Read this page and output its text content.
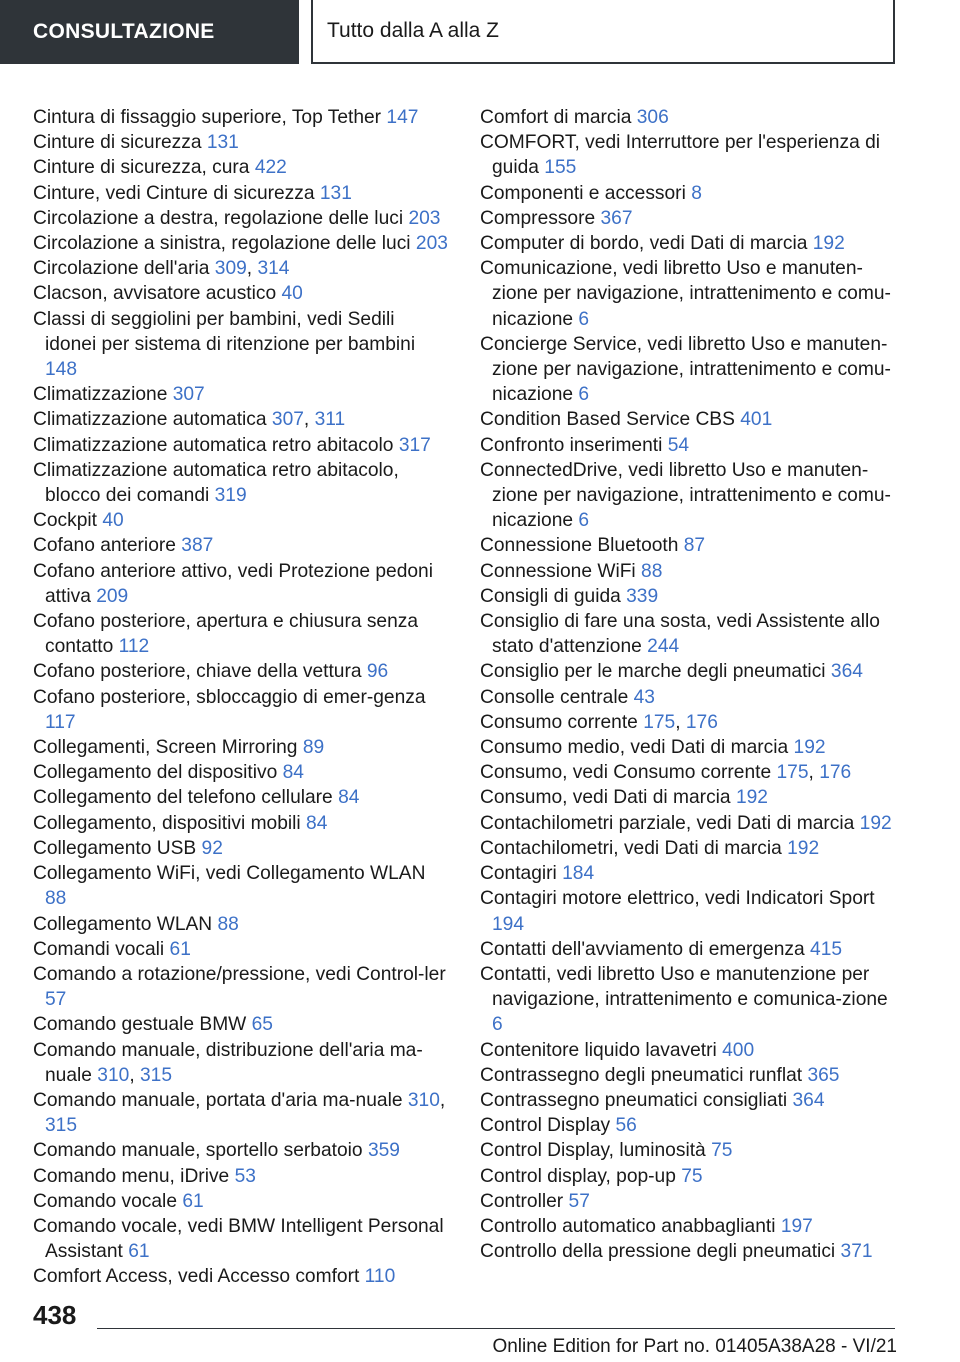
CONSULTAZIONE	Tutto dalla A alla Z
Cintura di fissaggio superiore, Top Tether 147
Cinture di sicurezza 131
Cinture di sicurezza, cura 422
Cinture, vedi Cinture di sicurezza 131
Circolazione a destra, regolazione delle luci 203
Circolazione a sinistra, regolazione delle luci 203
Circolazione dell'aria 309, 314
Clacson, avvisatore acustico 40
Classi di seggiolini per bambini, vedi Sedili idonei per sistema di ritenzione per bambini 148
Climatizzazione 307
Climatizzazione automatica 307, 311
Climatizzazione automatica retro abitacolo 317
Climatizzazione automatica retro abitacolo, blocco dei comandi 319
Cockpit 40
Cofano anteriore 387
Cofano anteriore attivo, vedi Protezione pedoni attiva 209
Cofano posteriore, apertura e chiusura senza contatto 112
Cofano posteriore, chiave della vettura 96
Cofano posteriore, sbloccaggio di emer-genza 117
Collegamenti, Screen Mirroring 89
Collegamento del dispositivo 84
Collegamento del telefono cellulare 84
Collegamento, dispositivi mobili 84
Collegamento USB 92
Collegamento WiFi, vedi Collegamento WLAN 88
Collegamento WLAN 88
Comandi vocali 61
Comando a rotazione/pressione, vedi Control-ler 57
Comando gestuale BMW 65
Comando manuale, distribuzione dell'aria ma-nuale 310, 315
Comando manuale, portata d'aria ma-nuale 310, 315
Comando manuale, sportello serbatoio 359
Comando menu, iDrive 53
Comando vocale 61
Comando vocale, vedi BMW Intelligent Personal Assistant 61
Comfort Access, vedi Accesso comfort 110
Comfort di marcia 306
COMFORT, vedi Interruttore per l'esperienza di guida 155
Componenti e accessori 8
Compressore 367
Computer di bordo, vedi Dati di marcia 192
Comunicazione, vedi libretto Uso e manuten-zione per navigazione, intrattenimento e comu-nicazione 6
Concierge Service, vedi libretto Uso e manuten-zione per navigazione, intrattenimento e comu-nicazione 6
Condition Based Service CBS 401
Confronto inserimenti 54
ConnectedDrive, vedi libretto Uso e manuten-zione per navigazione, intrattenimento e comu-nicazione 6
Connessione Bluetooth 87
Connessione WiFi 88
Consigli di guida 339
Consiglio di fare una sosta, vedi Assistente allo stato d'attenzione 244
Consiglio per le marche degli pneumatici 364
Consolle centrale 43
Consumo corrente 175, 176
Consumo medio, vedi Dati di marcia 192
Consumo, vedi Consumo corrente 175, 176
Consumo, vedi Dati di marcia 192
Contachilometri parziale, vedi Dati di marcia 192
Contachilometri, vedi Dati di marcia 192
Contagiri 184
Contagiri motore elettrico, vedi Indicatori Sport 194
Contatti dell'avviamento di emergenza 415
Contatti, vedi libretto Uso e manutenzione per navigazione, intrattenimento e comunica-zione 6
Contenitore liquido lavavetri 400
Contrassegno degli pneumatici runflat 365
Contrassegno pneumatici consigliati 364
Control Display 56
Control Display, luminosità 75
Control display, pop-up 75
Controller 57
Controllo automatico anabbaglianti 197
Controllo della pressione degli pneumatici 371
438
Online Edition for Part no. 01405A38A28 - VI/21
